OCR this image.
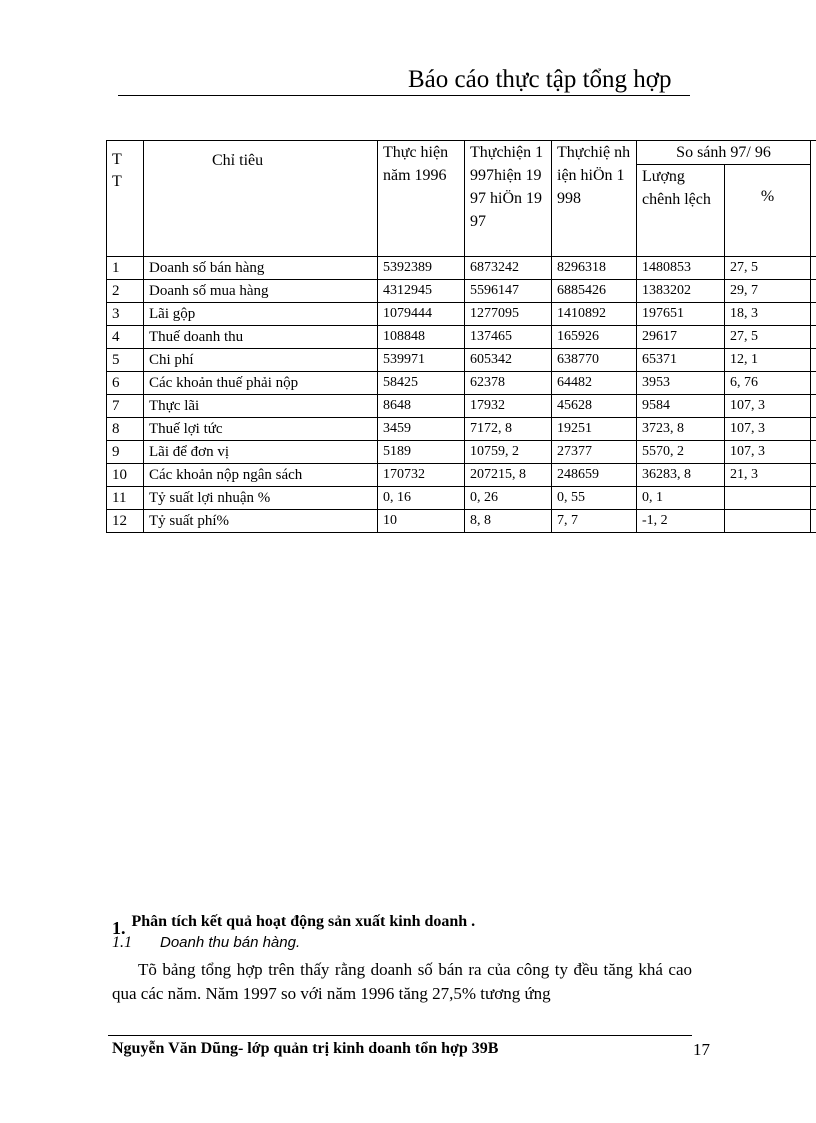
Báo cáo thực tập tổng hợp
T T	Chỉ tiêu	Thực hiện năm 1996	Thựchiện 1997hiện 1997 hiÖn 1997	Thựchiệ nhiện hiÖn 1998	So sánh 97/ 96		
					Lượng chênh lệch	%	
1	Doanh số bán hàng	5392389	6873242	8296318	1480853	27, 5	
2	Doanh số mua hàng	4312945	5596147	6885426	1383202	29, 7	
3	Lãi gộp	1079444	1277095	1410892	197651	18, 3	
4	Thuế doanh thu	108848	137465	165926	29617	27, 5	
5	Chi phí	539971	605342	638770	65371	12, 1	
6	Các khoản thuế phải nộp	58425	62378	64482	3953	6, 76	
7	Thực lãi	8648	17932	45628	9584	107, 3	
8	Thuế lợi tức	3459	7172, 8	19251	3723, 8	107, 3	
9	Lãi để đơn vị	5189	10759, 2	27377	5570, 2	107, 3	
10	Các khoản nộp ngân sách	170732	207215, 8	248659	36283, 8	21, 3	
11	Tỷ suất lợi nhuận %	0, 16	0, 26	0, 55	0, 1		
12	Tỷ suất phí%	10	8, 8	7, 7	-1, 2		
1. Phân tích kết quả hoạt động sản xuất kinh doanh .
1.1 Doanh thu bán hàng.
Tõ bảng tổng hợp trên thấy rằng doanh số bán ra của công ty đều tăng khá cao qua các năm. Năm 1997 so với năm 1996 tăng 27,5% tương ứng
Nguyễn Văn Dũng- lớp quản trị kinh doanh tổn hợp 39B	17
